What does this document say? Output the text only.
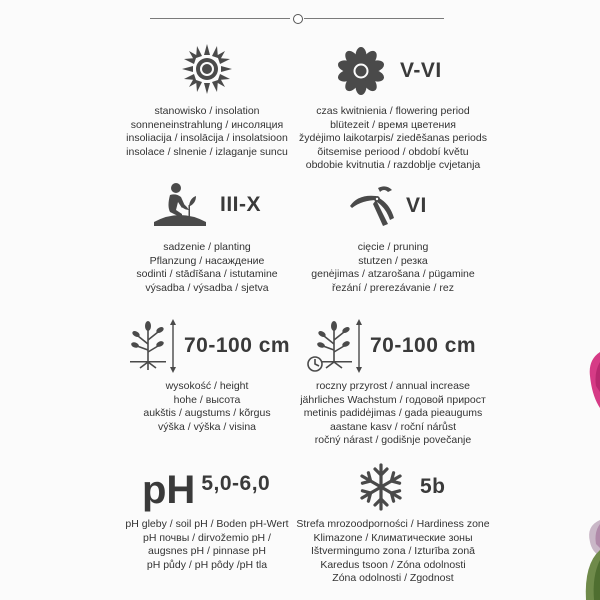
stanowisko / insolation
sonneneinstrahlung / инсоляция
insoliacija / insolācija / insolatsioon
insolace / slnenie / izlaganje suncu
V-VI
czas kwitnienia / flowering period
blütezeit / время цветения
žydėjimo laikotarpis/ ziedēšanas periods
õitsemise periood / období květu
obdobie kvitnutia / razdoblje cvjetanja
III-X
sadzenie / planting
Pflanzung / насаждение
sodinti / stādīšana / istutamine
výsadba / výsadba / sjetva
VI
cięcie / pruning
stutzen / резка
genėjimas / atzarošana / pügamine
řezání / prerezávanie / rez
70-100 cm
wysokość / height
hohe / высота
aukštis / augstums / kõrgus
výška / výška / visina
70-100 cm
roczny przyrost / annual increase
jährliches Wachstum / годовой прирост
metinis padidėjimas / gada pieaugums
aastane kasv / roční nárůst
ročný nárast / godišnje povečanje
pH 5,0-6,0
pH gleby / soil pH / Boden pH-Wert
pH почвы / dirvožemio pH /
augsnes pH / pinnase pH
pH půdy / pH pôdy /pH tla
5b
Strefa mrozoodporności / Hardiness zone
Klimazone / Климатические зоны
Ištvermingumo zona / Izturība zonā
Karedus tsoon / Zóna odolnosti
Zóna odolnosti / Zgodnost
